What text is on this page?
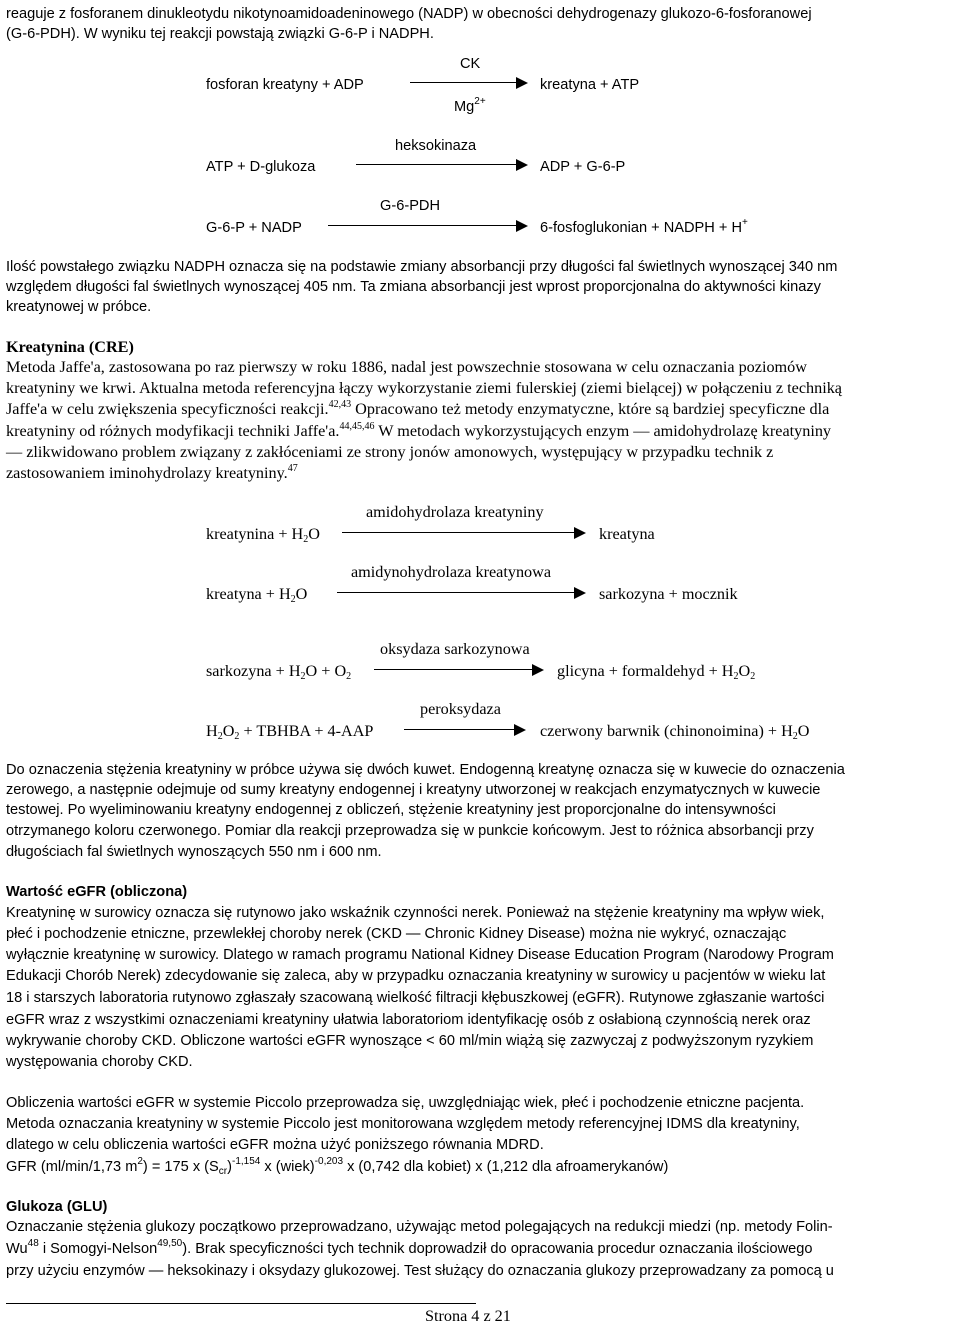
reaguje z fosforanem dinukleotydu nikotynoamidoadeninowego (NADP) w obecności dehydrogenazy glukozo-6-fosforanowej

(G-6-PDH). W wyniku tej reakcji powstają związki G-6-P i NADPH.

fosforan kreatyny + ADP
CK
$Mg^{2+}$
kreatyna + ATP
ATP + D-glukoza
heksokinaza
ADP + G-6-P
G-6-P + NADP
G-6-PDH
6-fosfoglukonian + NADPH + H+

Ilość powstałego związku NADPH oznacza się na podstawie zmiany absorbancji przy długości fal świetlnych wynoszącej 340 nm

względem długości fal świetlnych wynoszącej 405 nm. Ta zmiana absorbancji jest wprost proporcjonalna do aktywności kinazy

kreatynowej w próbce.

Kreatynina (CRE)

Metoda Jaffe'a, zastosowana po raz pierwszy w roku 1886, nadal jest powszechnie stosowana w celu oznaczania poziomów

kreatyniny we krwi. Aktualna metoda referencyjna łączy wykorzystanie ziemi fulerskiej (ziemi bielącej) w połączeniu z techniką

Jaffe'a w celu zwiększenia specyficzności reakcji.$^{42,43}$ Opracowano też metody enzymatyczne, które są bardziej specyficzne dla

kreatyniny od różnych modyfikacji techniki Jaffe'a.$^{44,45,46}$ W metodach wykorzystujących enzym — amidohydrolazę kreatyniny

— zlikwidowano problem związany z zakłóceniami ze strony jonów amonowych, występujący w przypadku technik z

zastosowaniem iminohydrolazy kreatyniny.$^{47}$

amidohydrolaza kreatyniny
kreatynina + $H_2O$	kreatyna
amidynohydrolaza kreatynowa
kreatyna + $H_2O$	sarkozyna + mocznik
oksydaza sarkozynowa
sarkozyna + $H_2O + O_2$	glicyna + formaldehyd + $H_2O_2$
peroksydaza
$H_2O_2$ + TBHBA + 4-AAP	czerwony barwnik (chinonoimina) + $H_2O$

Do oznaczenia stężenia kreatyniny w próbce używa się dwóch kuwet. Endogenną kreatynę oznacza się w kuwecie do oznaczenia

zerowego, a następnie odejmuje od sumy kreatyny endogennej i kreatyny utworzonej w reakcjach enzymatycznych w kuwecie

testowej. Po wyeliminowaniu kreatyny endogennej z obliczeń, stężenie kreatyniny jest proporcjonalne do intensywności

otrzymanego koloru czerwonego. Pomiar dla reakcji przeprowadza się w punkcie końcowym. Jest to różnica absorbancji przy

długościach fal świetlnych wynoszących 550 nm i 600 nm.

Wartość eGFR (obliczona)

Kreatyninę w surowicy oznacza się rutynowo jako wskaźnik czynności nerek. Ponieważ na stężenie kreatyniny ma wpływ wiek,

płeć i pochodzenie etniczne, przewlekłej choroby nerek (CKD — Chronic Kidney Disease) można nie wykryć, oznaczając

wyłącznie kreatyninę w surowicy. Dlatego w ramach programu National Kidney Disease Education Program (Narodowy Program

Edukacji Chorób Nerek) zdecydowanie się zaleca, aby w przypadku oznaczania kreatyniny w surowicy u pacjentów w wieku lat

18 i starszych laboratoria rutynowo zgłaszały szacowaną wielkość filtracji kłębuszkowej (eGFR). Rutynowe zgłaszanie wartości

eGFR wraz z wszystkimi oznaczeniami kreatyniny ułatwia laboratoriom identyfikację osób z osłabioną czynnością nerek oraz

wykrywanie choroby CKD. Obliczone wartości eGFR wynoszące < 60 ml/min wiążą się zazwyczaj z podwyższonym ryzykiem

występowania choroby CKD.

Obliczenia wartości eGFR w systemie Piccolo przeprowadza się, uwzględniając wiek, płeć i pochodzenie etniczne pacjenta.

Metoda oznaczania kreatyniny w systemie Piccolo jest monitorowana względem metody referencyjnej IDMS dla kreatyniny,

dlatego w celu obliczenia wartości eGFR można użyć poniższego równania MDRD.

GFR (ml/min/1,73 $m^2) = 175$ x $(S_{cr})^{-1,154}$ x (wiek)$^{-0,203}$ x (0,742 dla kobiet) x (1,212 dla afroamerykanów)

Glukoza (GLU)

Oznaczanie stężenia glukozy początkowo przeprowadzano, używając metod polegających na redukcji miedzi (np. metody Folin-

Wu$^{48}$ i Somogyi-Nelson$^{49,50}$). Brak specyficzności tych technik doprowadził do opracowania procedur oznaczania ilościowego

przy użyciu enzymów — heksokinazy i oksydazy glukozowej. Test służący do oznaczania glukozy przeprowadzany za pomocą u

Strona 4 z 21
